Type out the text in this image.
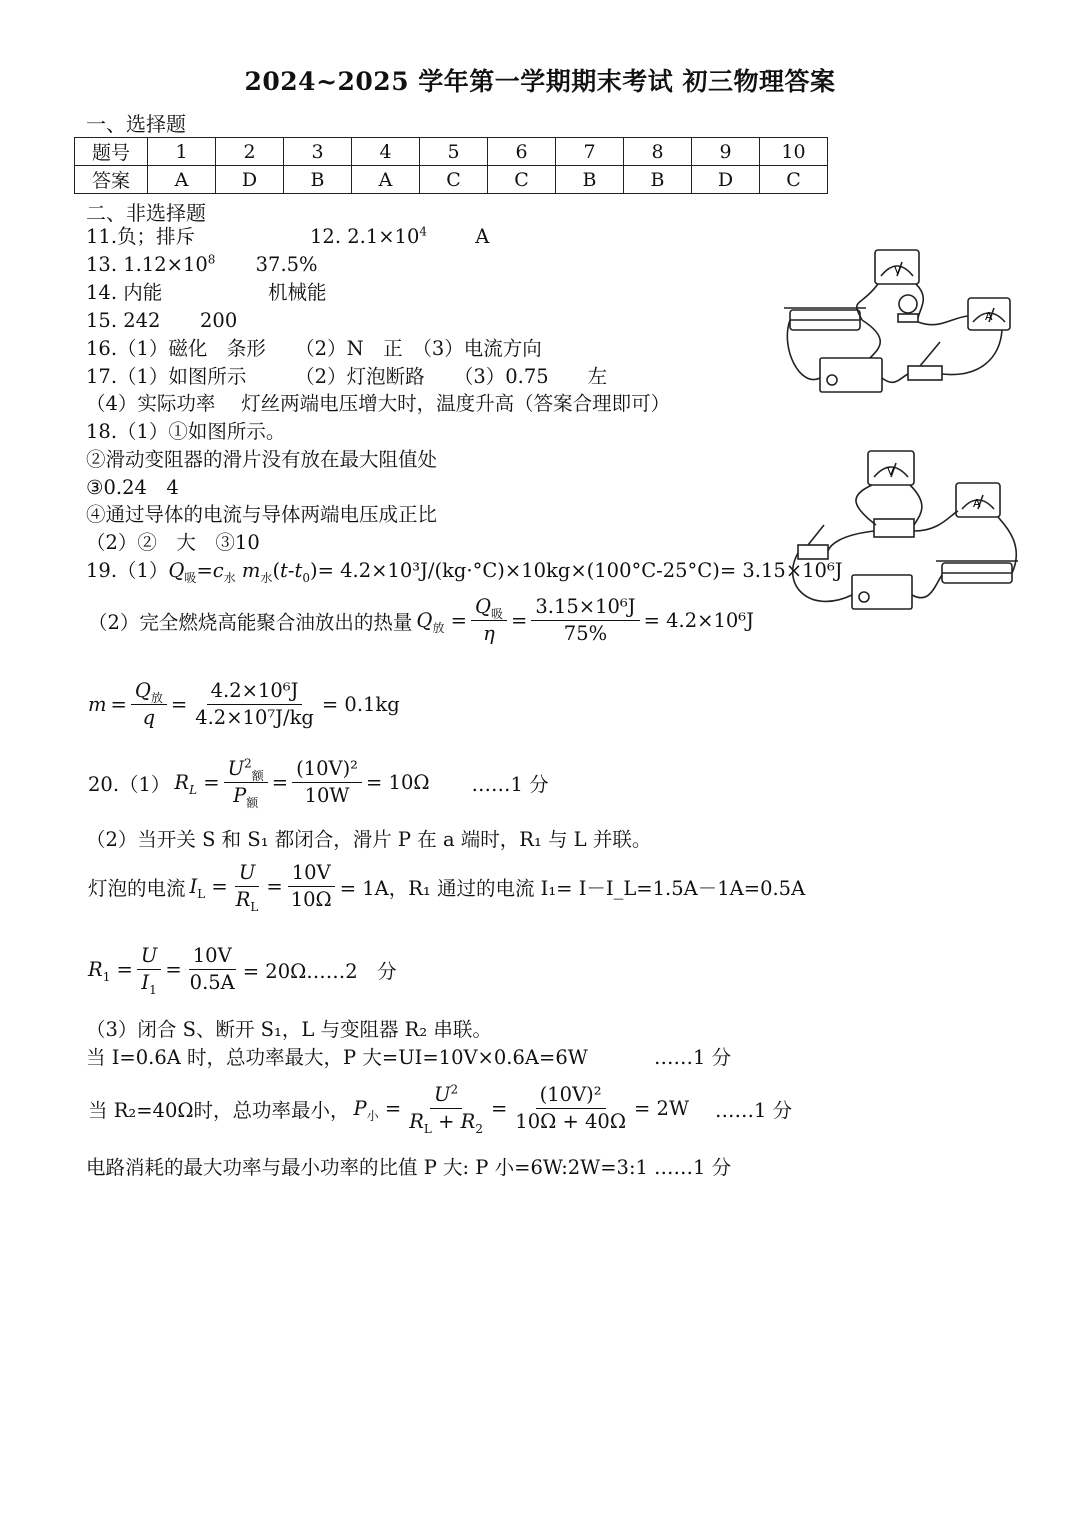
2024~2025 学年第一学期期末考试 初三物理答案
一、选择题
题号	1	2	3	4	5	6	7	8	9	10
答案	A	D	B	A	C	C	B	B	D	C
二、非选择题
11.负；排斥	12. $2.1\times 10^4$ A
13. $1.12\times 10^8$ 37.5%
14. 内能	机械能
15. 242 200
16.（1）磁化　条形　　（2）N　正　（3）电流方向
17.（1）如图所示　　　（2）灯泡断路　　（3）0.75　　左
（4）实际功率　 灯丝两端电压增大时，温度升高（答案合理即可）
18.（1）①如图所示。
②滑动变阻器的滑片没有放在最大阻值处
③0.24　4
④通过导体的电流与导体两端电压成正比
（2）②　大　③10
$19.(1)Q_吸=c_水$ $m_水(t-t_0)= 4.2\times 10^3J/(kg\cdot^\circ C)\times 10kg\times(100^\circ C-25^\circ C)= 3.15\times 10^6J$
（2）完全燃烧高能聚合油放出的热量 $Q_放 = \frac{Q_吸}{\eta} = \frac{\text{3.15×10⁶J}}{75\%} = 4.2\times 10^6J$
$m = \frac{Q_放}{q} = \frac{\text{4.2×10⁶J}}{\text{4.2×10⁷J/kg}} = 0.1kg$
20.（1） $R_L = \frac{U^2_额}{P_额} = \frac{\text{(10V)²}}{10W} = 10\Omega$ ……1 分
（2）当开关 S 和 S₁ 都闭合，滑片 P 在 a 端时，R₁ 与 L 并联。
灯泡的电流 $I_L = \frac{U}{R_L} = \frac{10V}{10\Omega} = 1A$，R₁ 通过的电流 I₁= I－I_L=1.5A－1A=0.5A
$R_1 = \frac{U}{I_1} = \frac{10V}{0.5A}$ = 20Ω……2　分
（3）闭合 S、断开 S₁，L 与变阻器 R₂ 串联。
当 I=0.6A 时，总功率最大，P 大=UI=10V×0.6A=6W	……1 分
当 R₂=40Ω时，总功率最小， $P_小 = \frac{U^2}{R_L + R_2} = \frac{\text{(10V)²}}{10\Omega + 40\Omega} = 2W$ ……1 分
电路消耗的最大功率与最小功率的比值 P 大: P 小=6W:2W=3:1 ……1 分
V
A
V
A
